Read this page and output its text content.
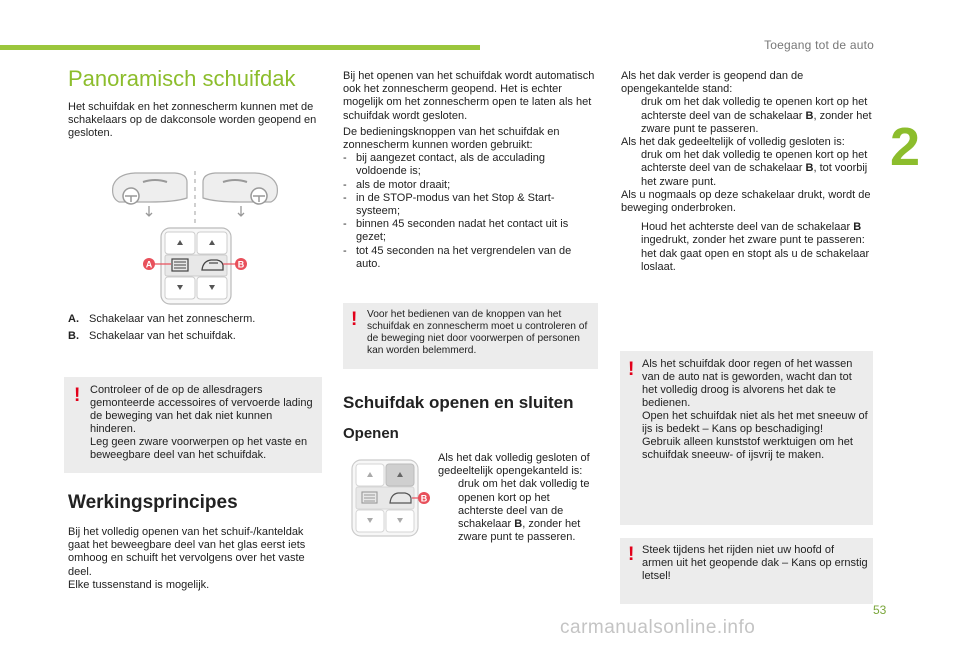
Toegang tot de auto
2
53
carmanualsonline.info
Panoramisch schuifdak

Het schuifdak en het zonnescherm kunnen met de schakelaars op de dakconsole worden geopend en gesloten.

A	B
A. Schakelaar van het zonnescherm.
B. Schakelaar van het schuifdak.
! Controleer of de op de allesdragers gemonteerde accessoires of vervoerde lading de beweging van het dak niet kunnen hinderen.

Leg geen zware voorwerpen op het vaste en beweegbare deel van het schuifdak.

Werkingsprincipes

Bij het volledig openen van het schuif-/kanteldak gaat het beweegbare deel van het glas eerst iets omhoog en schuift het vervolgens over het vaste deel.

Elke tussenstand is mogelijk.

Bij het openen van het schuifdak wordt automatisch ook het zonnescherm geopend. Het is echter mogelijk om het zonnescherm open te laten als het schuifdak wordt gesloten.

De bedieningsknoppen van het schuifdak en zonnescherm kunnen worden gebruikt:

- bij aangezet contact, als de acculading voldoende is;
- als de motor draait;
- in de STOP-modus van het Stop & Start-systeem;
- binnen 45 seconden nadat het contact uit is gezet;
- tot 45 seconden na het vergrendelen van de auto.
! Voor het bedienen van de knoppen van het schuifdak en zonnescherm moet u controleren of de beweging niet door voorwerpen of personen kan worden belemmerd.
Schuifdak openen en sluiten
Openen
B

Als het dak volledig gesloten of gedeeltelijk opengekanteld is:

druk om het dak volledig te openen kort op het achterste deel van de schakelaar B, zonder het zware punt te passeren.

Als het dak verder is geopend dan de opengekantelde stand:

druk om het dak volledig te openen kort op het achterste deel van de schakelaar B, zonder het zware punt te passeren.

Als het dak gedeeltelijk of volledig gesloten is:

druk om het dak volledig te openen kort op het achterste deel van de schakelaar B, tot voorbij het zware punt.

Als u nogmaals op deze schakelaar drukt, wordt de beweging onderbroken.

Houd het achterste deel van de schakelaar B ingedrukt, zonder het zware punt te passeren: het dak gaat open en stopt als u de schakelaar loslaat.
! Als het schuifdak door regen of het wassen van de auto nat is geworden, wacht dan tot het volledig droog is alvorens het dak te bedienen.

Open het schuifdak niet als het met sneeuw of ijs is bedekt – Kans op beschadiging!

Gebruik alleen kunststof werktuigen om het schuifdak sneeuw- of ijsvrij te maken.

! Steek tijdens het rijden niet uw hoofd of armen uit het geopende dak – Kans op ernstig letsel!
